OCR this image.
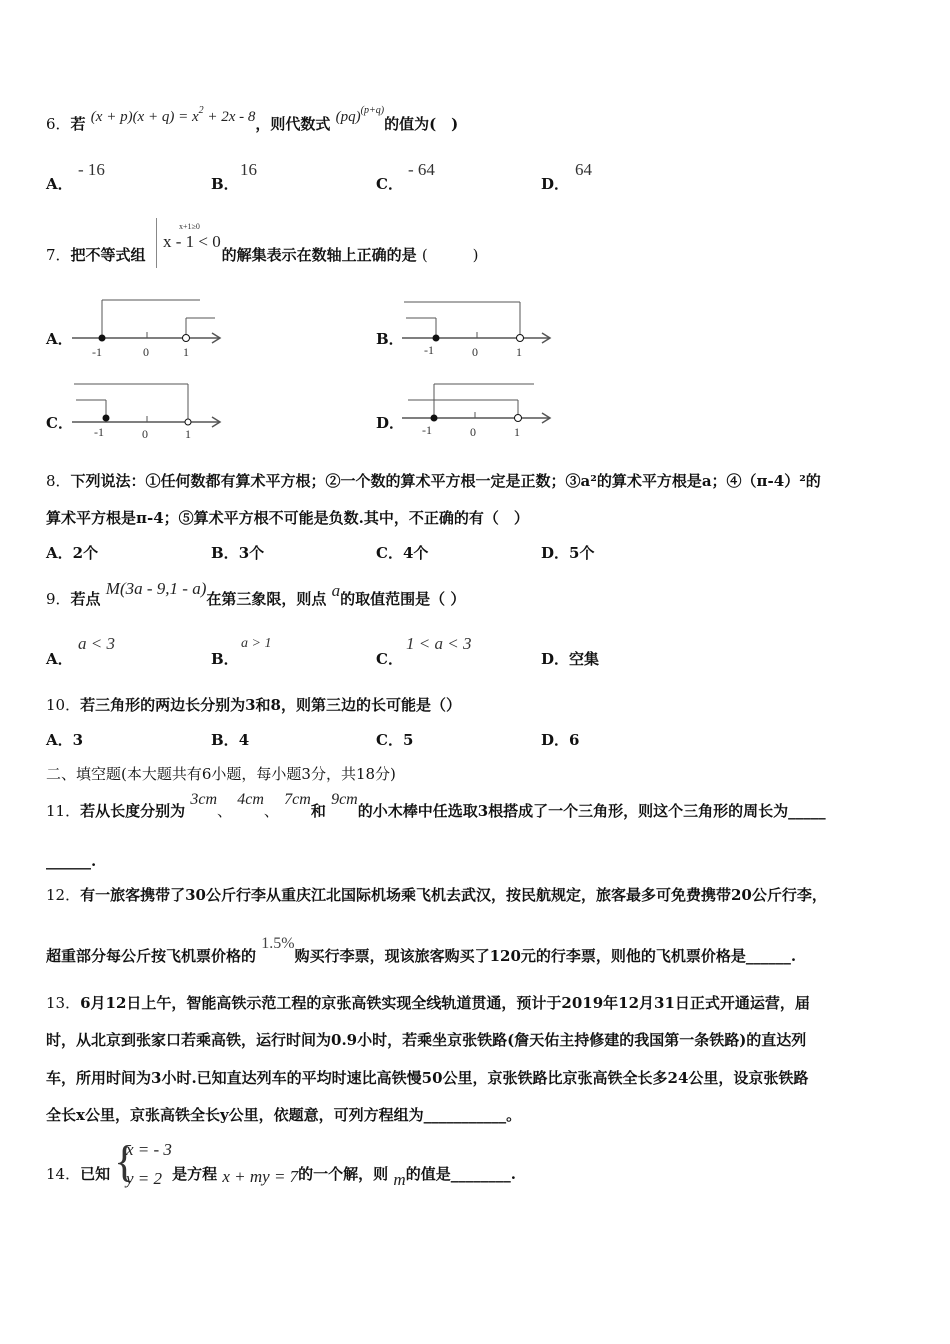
6．若 $(x + p)(x + q) = x^2 + 2x - 8$，则代数式 (pq)$^{(p+q)}$的值为(　)
A．
- 16
B．
16
C．
- 64
D．
64
7．把不等式组	的解集表示在数轴上正确的是 (　　　)
x+1≥0
x - 1 < 0
A．
-1	0	1
B．
-1	0	1
C． -1	0	1
D． -1	0	1
8．下列说法：①任何数都有算术平方根；②一个数的算术平方根一定是正数；③a²的算术平方根是a；④（π-4）²的
算术平方根是π-4；⑤算术平方根不可能是负数.其中，不正确的有（　）
A．2个	B．3个	C．4个	D．5个
9．若点 M(3a - 9,1 - a)在第三象限，则点 a的取值范围是（ ）
A．
a < 3
B．
a > 1
C．
1 < a < 3
D．空集
10．若三角形的两边长分别为3和8，则第三边的长可能是（）
A．3	B．4	C．5	D．6
二、填空题(本大题共有6小题，每小题3分，共18分)
11．若从长度分别为 3cm、 4cm、 7cm和 9cm的小木棒中任选取3根搭成了一个三角形，则这个三角形的周长为_____
______.
12．有一旅客携带了30公斤行李从重庆江北国际机场乘飞机去武汉，按民航规定，旅客最多可免费携带20公斤行李，
超重部分每公斤按飞机票价格的 1.5%购买行李票，现该旅客购买了120元的行李票，则他的飞机票价格是______.
13．6月12日上午，智能高铁示范工程的京张高铁实现全线轨道贯通，预计于2019年12月31日正式开通运营，届
时，从北京到张家口若乘高铁，运行时间为0.9小时，若乘坐京张铁路(詹天佑主持修建的我国第一条铁路)的直达列
车，所用时间为3小时.已知直达列车的平均时速比高铁慢50公里，京张铁路比京张高铁全长多24公里，设京张铁路
全长x公里，京张高铁全长y公里，依题意，可列方程组为___________。
14．已知	是方程 x + my = 7的一个解，则 m的值是________.
{
x = - 3
y = 2
